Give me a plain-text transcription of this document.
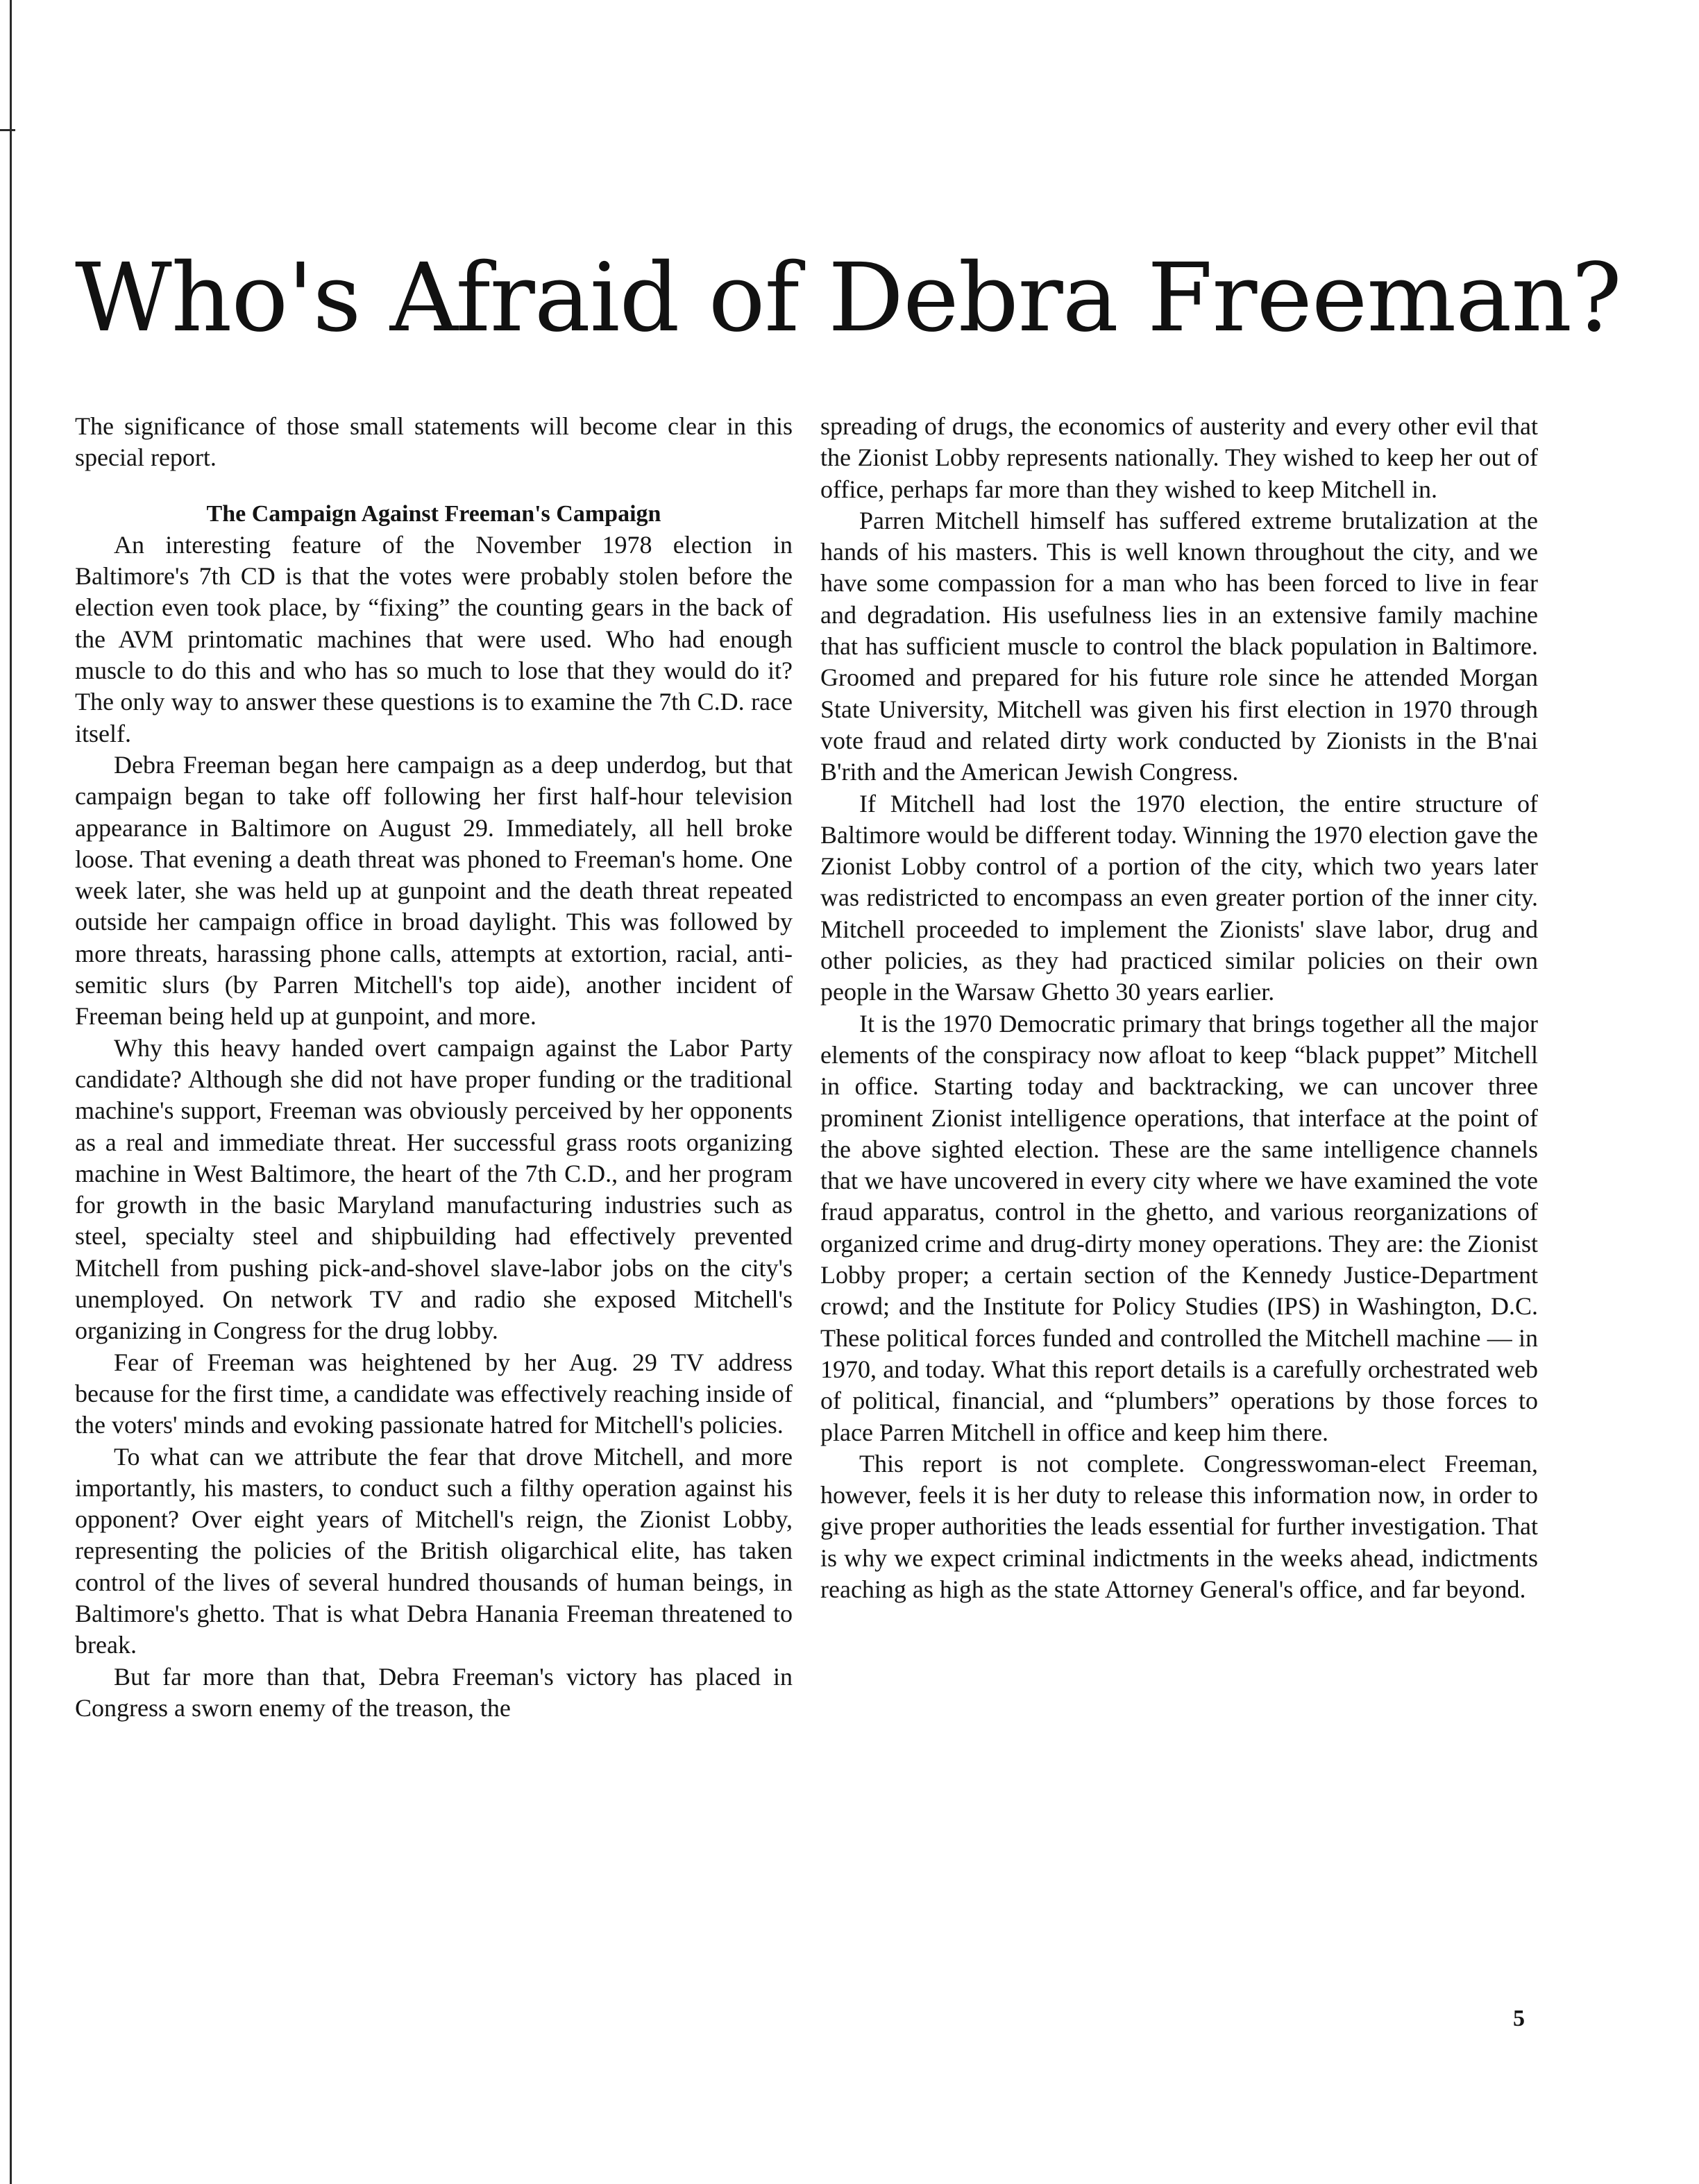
Who's Afraid of Debra Freeman?

The significance of those small statements will become clear in this special report.

The Campaign Against Freeman's Campaign

An interesting feature of the November 1978 election in Baltimore's 7th CD is that the votes were probably stolen before the election even took place, by “fixing” the counting gears in the back of the AVM printomatic machines that were used. Who had enough muscle to do this and who has so much to lose that they would do it? The only way to answer these questions is to examine the 7th C.D. race itself.

Debra Freeman began here campaign as a deep underdog, but that campaign began to take off following her first half-hour television appearance in Baltimore on August 29. Immediately, all hell broke loose. That evening a death threat was phoned to Freeman's home. One week later, she was held up at gunpoint and the death threat repeated outside her campaign office in broad daylight. This was followed by more threats, harassing phone calls, attempts at extortion, racial, anti-semitic slurs (by Parren Mitchell's top aide), another incident of Freeman being held up at gunpoint, and more.

Why this heavy handed overt campaign against the Labor Party candidate? Although she did not have proper funding or the traditional machine's support, Freeman was obviously perceived by her opponents as a real and immediate threat. Her successful grass roots organizing machine in West Baltimore, the heart of the 7th C.D., and her program for growth in the basic Maryland manufacturing industries such as steel, specialty steel and shipbuilding had effectively prevented Mitchell from pushing pick-and-shovel slave-labor jobs on the city's unemployed. On network TV and radio she exposed Mitchell's organizing in Congress for the drug lobby.

Fear of Freeman was heightened by her Aug. 29 TV address because for the first time, a candidate was effectively reaching inside of the voters' minds and evoking passionate hatred for Mitchell's policies.

To what can we attribute the fear that drove Mitchell, and more importantly, his masters, to conduct such a filthy operation against his opponent? Over eight years of Mitchell's reign, the Zionist Lobby, representing the policies of the British oligarchical elite, has taken control of the lives of several hundred thousands of human beings, in Baltimore's ghetto. That is what Debra Hanania Freeman threatened to break.

But far more than that, Debra Freeman's victory has placed in Congress a sworn enemy of the treason, the

spreading of drugs, the economics of austerity and every other evil that the Zionist Lobby represents nationally. They wished to keep her out of office, perhaps far more than they wished to keep Mitchell in.

Parren Mitchell himself has suffered extreme brutalization at the hands of his masters. This is well known throughout the city, and we have some compassion for a man who has been forced to live in fear and degradation. His usefulness lies in an extensive family machine that has sufficient muscle to control the black population in Baltimore. Groomed and prepared for his future role since he attended Morgan State University, Mitchell was given his first election in 1970 through vote fraud and related dirty work conducted by Zionists in the B'nai B'rith and the American Jewish Congress.

If Mitchell had lost the 1970 election, the entire structure of Baltimore would be different today. Winning the 1970 election gave the Zionist Lobby control of a portion of the city, which two years later was redistricted to encompass an even greater portion of the inner city. Mitchell proceeded to implement the Zionists' slave labor, drug and other policies, as they had practiced similar policies on their own people in the Warsaw Ghetto 30 years earlier.

It is the 1970 Democratic primary that brings together all the major elements of the conspiracy now afloat to keep “black puppet” Mitchell in office. Starting today and backtracking, we can uncover three prominent Zionist intelligence operations, that interface at the point of the above sighted election. These are the same intelligence channels that we have uncovered in every city where we have examined the vote fraud apparatus, control in the ghetto, and various reorganizations of organized crime and drug-dirty money operations. They are: the Zionist Lobby proper; a certain section of the Kennedy Justice-Department crowd; and the Institute for Policy Studies (IPS) in Washington, D.C. These political forces funded and controlled the Mitchell machine — in 1970, and today. What this report details is a carefully orchestrated web of political, financial, and “plumbers” operations by those forces to place Parren Mitchell in office and keep him there.

This report is not complete. Congresswoman-elect Freeman, however, feels it is her duty to release this information now, in order to give proper authorities the leads essential for further investigation. That is why we expect criminal indictments in the weeks ahead, indictments reaching as high as the state Attorney General's office, and far beyond.

5
